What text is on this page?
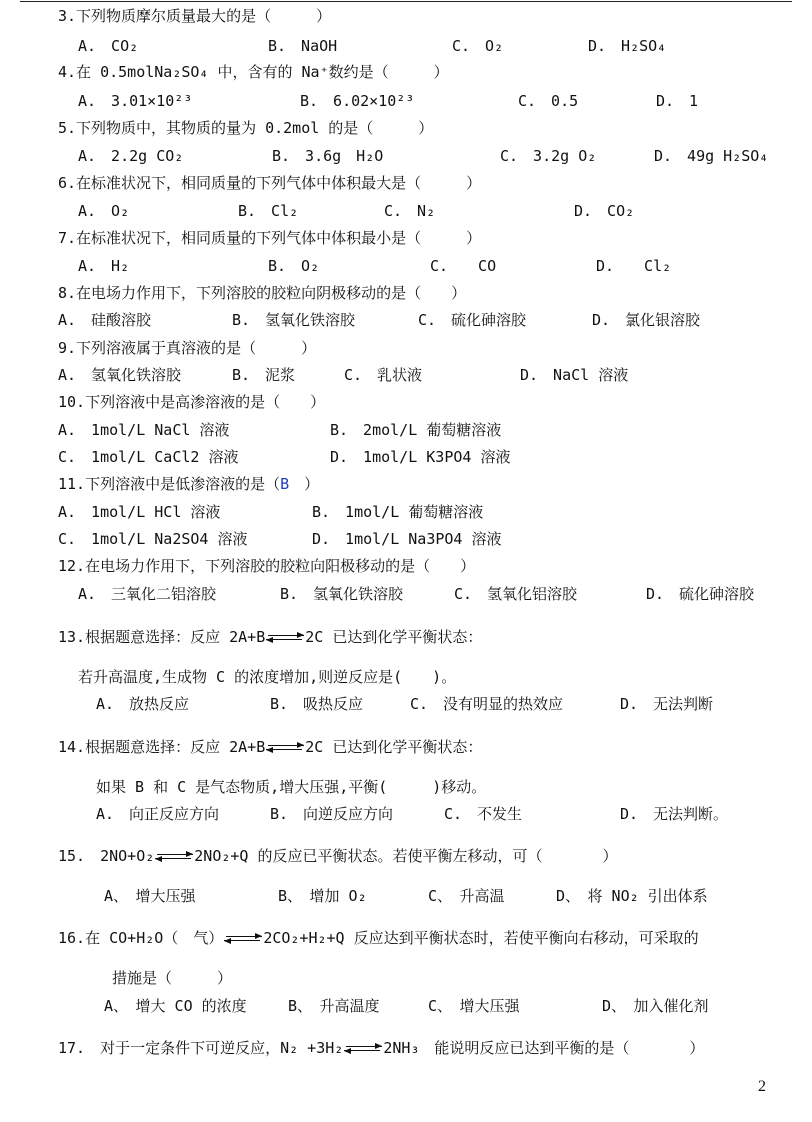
3.下列物质摩尔质量最大的是（　　　）
A.　CO₂	B.　NaOH	C.　O₂	D.　H₂SO₄
4.在 0.5molNa₂SO₄ 中，含有的 Na⁺数约是（　　　）
A.　3.01×10²³	B.　6.02×10²³	C.　0.5	D.　1
5.下列物质中，其物质的量为 0.2mol 的是（　　　）
A.　2.2g CO₂	B.　3.6g　H₂O	C.　3.2g O₂	D.　49g H₂SO₄
6.在标准状况下，相同质量的下列气体中体积最大是（　　　）
A.　O₂	B.　Cl₂	C.　N₂	D.　CO₂
7.在标准状况下，相同质量的下列气体中体积最小是（　　　）
A.　H₂	B.　O₂	C.　　CO	D.　　Cl₂
8.在电场力作用下，下列溶胶的胶粒向阴极移动的是（　　）
A.　硅酸溶胶	B.　氢氧化铁溶胶	C.　硫化砷溶胶	D.　氯化银溶胶
9.下列溶液属于真溶液的是（　　　）
A.　氢氧化铁溶胶	B.　泥浆	C.　乳状液	D.　NaCl 溶液
10.下列溶液中是高渗溶液的是（　　）
A.　1mol/L NaCl 溶液	B.　2mol/L 葡萄糖溶液
C.　1mol/L CaCl2 溶液	D.　1mol/L K3PO4 溶液
11.下列溶液中是低渗溶液的是（B　）
A.　1mol/L HCl 溶液	B.　1mol/L 葡萄糖溶液
C.　1mol/L Na2SO4 溶液	D.　1mol/L Na3PO4 溶液
12.在电场力作用下，下列溶胶的胶粒向阳极移动的是（　　）
A.　三氧化二铝溶胶	B.　氢氧化铁溶胶	C.　氢氧化铝溶胶	D.　硫化砷溶胶
13.根据题意选择：反应 2A+B	2C 已达到化学平衡状态：
若升高温度,生成物 C 的浓度增加,则逆反应是(　　)。
A.　放热反应	B.　吸热反应	C.　没有明显的热效应	D.　无法判断
14.根据题意选择：反应 2A+B	2C 已达到化学平衡状态：
如果 B 和 C 是气态物质,增大压强,平衡(　　　)移动。
A.　向正反应方向	B.　向逆反应方向	C.　不发生	D.　无法判断。
15.　2NO+O₂	2NO₂+Q 的反应已平衡状态。若使平衡左移动，可（　　　　）
A、　增大压强	B、　增加 O₂	C、　升高温	D、　将 NO₂ 引出体系
16.在 CO+H₂O（　气）	2CO₂+H₂+Q 反应达到平衡状态时，若使平衡向右移动，可采取的
措施是（　　　）
A、　增大 CO 的浓度	B、　升高温度	C、　增大压强	D、　加入催化剂
17.　对于一定条件下可逆反应，N₂ +3H₂	2NH₃　能说明反应已达到平衡的是（　　　　）
2
